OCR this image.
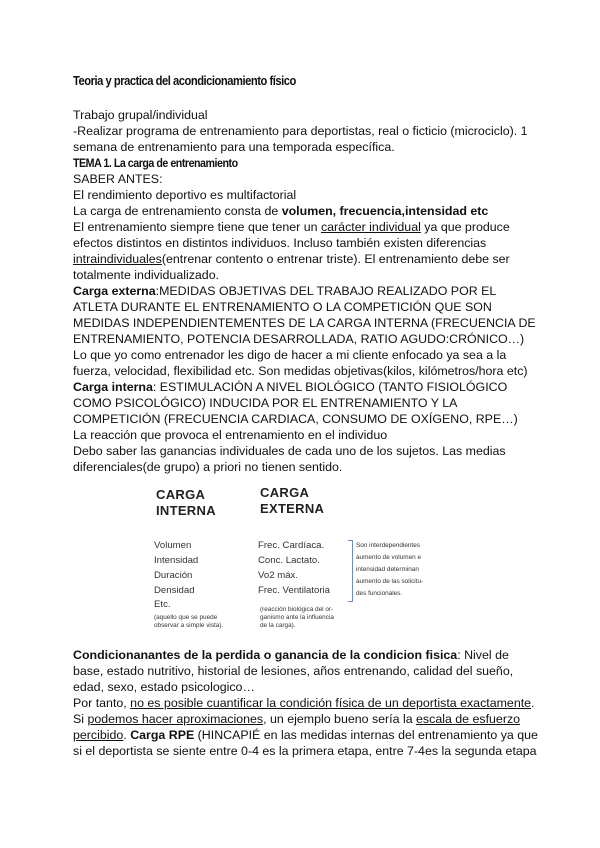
Teoria y practica del acondicionamiento físico
Trabajo grupal/individual
-Realizar programa de entrenamiento para deportistas, real o ficticio (microciclo). 1
semana de entrenamiento para una temporada específica.
TEMA 1. La carga de entrenamiento
SABER ANTES:
El rendimiento deportivo es multifactorial
La carga de entrenamiento consta de volumen, frecuencia,intensidad etc
El entrenamiento siempre tiene que tener un carácter individual ya que produce
efectos distintos en distintos individuos. Incluso también existen diferencias
intraindividuales(entrenar contento o entrenar triste). El entrenamiento debe ser
totalmente individualizado.
Carga externa:MEDIDAS OBJETIVAS DEL TRABAJO REALIZADO POR EL
ATLETA DURANTE EL ENTRENAMIENTO O LA COMPETICIÓN QUE SON
MEDIDAS INDEPENDIENTEMENTES DE LA CARGA INTERNA (FRECUENCIA DE
ENTRENAMIENTO, POTENCIA DESARROLLADA, RATIO AGUDO:CRÓNICO…)
Lo que yo como entrenador les digo de hacer a mi cliente enfocado ya sea a la
fuerza, velocidad, flexibilidad etc. Son medidas objetivas(kilos, kilómetros/hora etc)
Carga interna: ESTIMULACIÓN A NIVEL BIOLÓGICO (TANTO FISIOLÓGICO
COMO PSICOLÓGICO) INDUCIDA POR EL ENTRENAMIENTO Y LA
COMPETICIÓN (FRECUENCIA CARDIACA, CONSUMO DE OXÍGENO, RPE…)
La reacción que provoca el entrenamiento en el individuo
Debo saber las ganancias individuales de cada uno de los sujetos. Las medias
diferenciales(de grupo) a priori no tienen sentido.
CARGA
INTERNA
CARGA
EXTERNA
Volumen
Intensidad
Duración
Densidad
Etc.
(aquello que se puede
observar a simple vista).
Frec. Cardíaca.
Conc. Lactato.
Vo2 máx.
Frec. Ventilatoria
(reacción biológica del or-
ganismo ante la influencia
de la carga).
Son interdependientes
aumento de volumen e
intensidad determinan
aumento de las solicitu-
des funcionales.
Condicionanantes de la perdida o ganancia de la condicion fisica: Nivel de
base, estado nutritivo, historial de lesiones, años entrenando, calidad del sueño,
edad, sexo, estado psicologico…
Por tanto, no es posible cuantificar la condición física de un deportista exactamente.
Si podemos hacer aproximaciones, un ejemplo bueno sería la escala de esfuerzo
percibido. Carga RPE (HINCAPIÉ en las medidas internas del entrenamiento ya que
si el deportista se siente entre 0-4 es la primera etapa, entre 7-4es la segunda etapa
